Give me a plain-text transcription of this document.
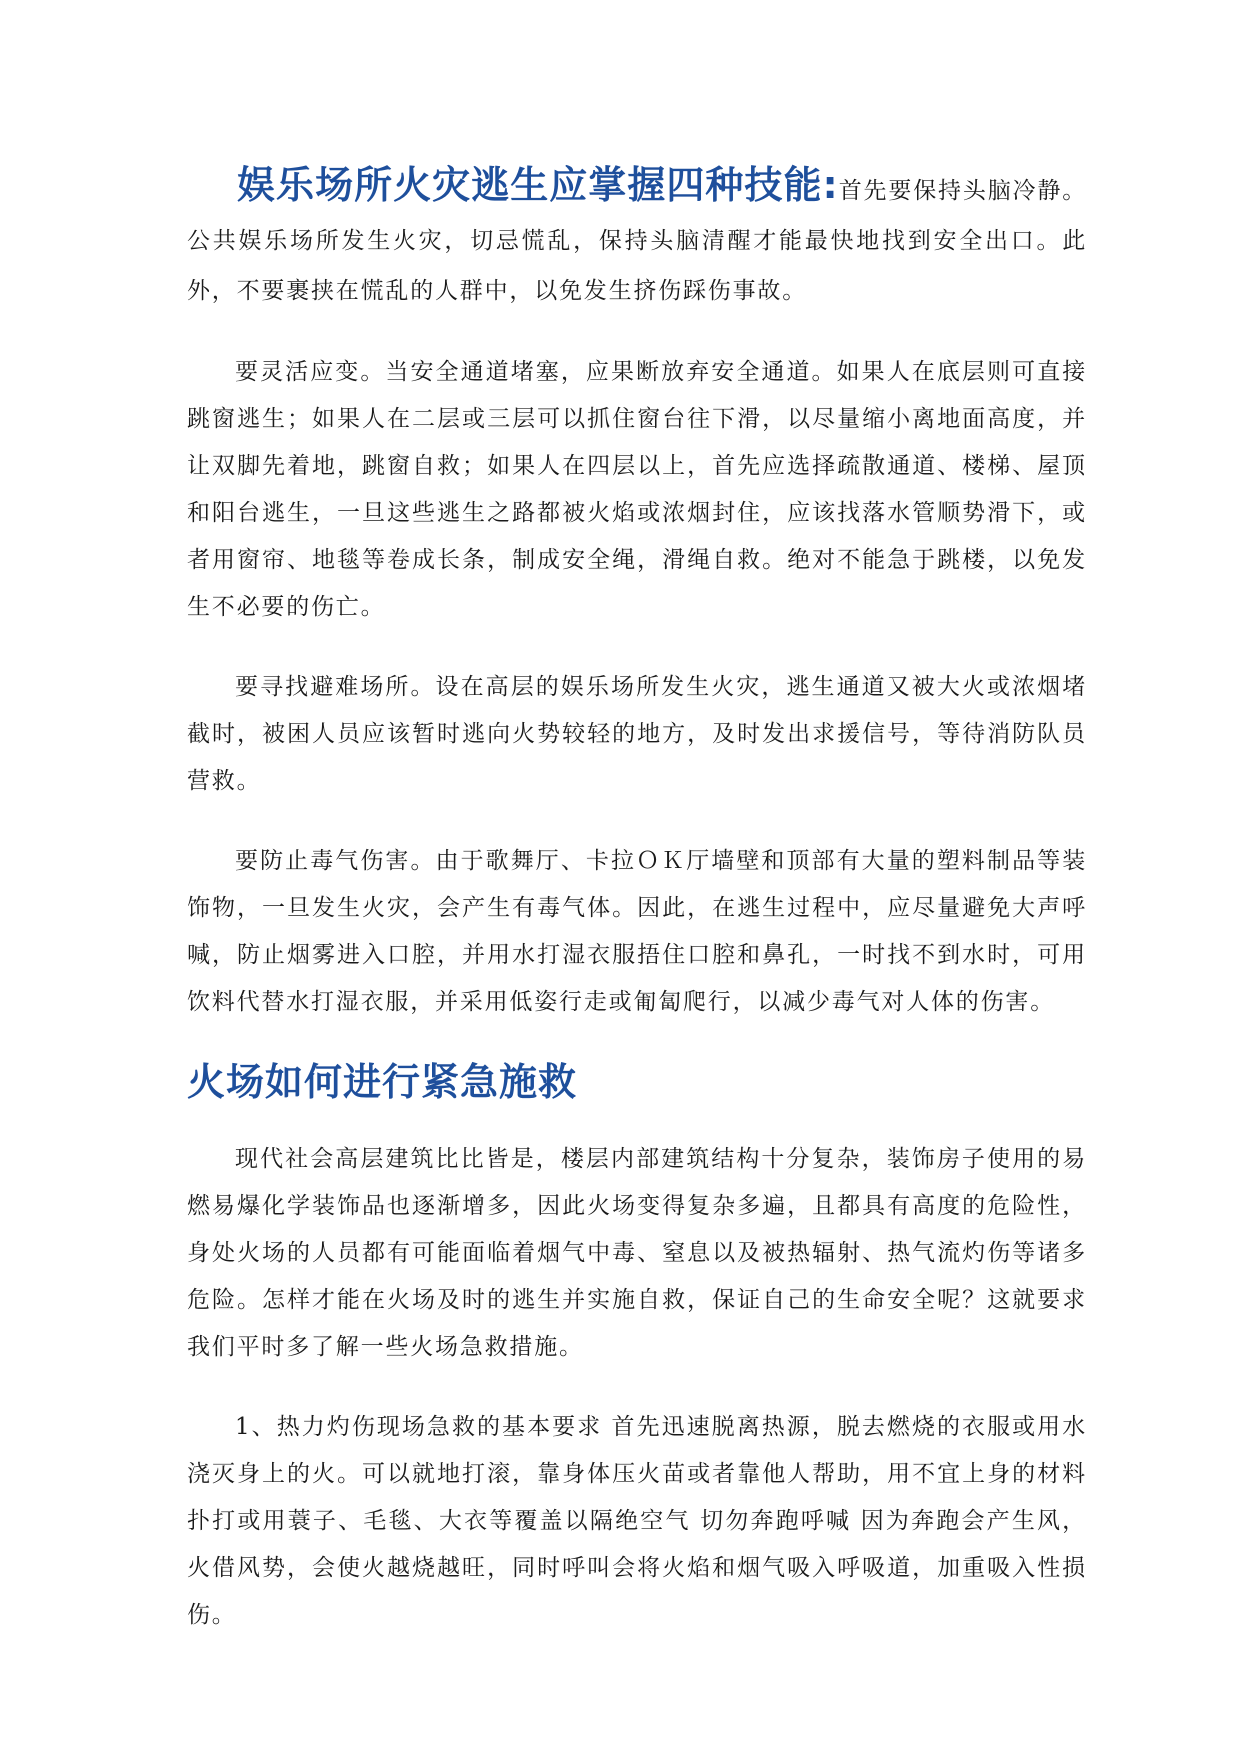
娱乐场所火灾逃生应掌握四种技能:首先要保持头脑冷静。公共娱乐场所发生火灾，切忌慌乱，保持头脑清醒才能最快地找到安全出口。此外，不要裹挟在慌乱的人群中，以免发生挤伤踩伤事故。

要灵活应变。当安全通道堵塞，应果断放弃安全通道。如果人在底层则可直接跳窗逃生；如果人在二层或三层可以抓住窗台往下滑，以尽量缩小离地面高度，并让双脚先着地，跳窗自救；如果人在四层以上，首先应选择疏散通道、楼梯、屋顶和阳台逃生，一旦这些逃生之路都被火焰或浓烟封住，应该找落水管顺势滑下，或者用窗帘、地毯等卷成长条，制成安全绳，滑绳自救。绝对不能急于跳楼，以免发生不必要的伤亡。

要寻找避难场所。设在高层的娱乐场所发生火灾，逃生通道又被大火或浓烟堵截时，被困人员应该暂时逃向火势较轻的地方，及时发出求援信号，等待消防队员营救。

要防止毒气伤害。由于歌舞厅、卡拉ＯＫ厅墙壁和顶部有大量的塑料制品等装饰物，一旦发生火灾，会产生有毒气体。因此，在逃生过程中，应尽量避免大声呼喊，防止烟雾进入口腔，并用水打湿衣服捂住口腔和鼻孔，一时找不到水时，可用饮料代替水打湿衣服，并采用低姿行走或匍匐爬行，以减少毒气对人体的伤害。

火场如何进行紧急施救

现代社会高层建筑比比皆是，楼层内部建筑结构十分复杂，装饰房子使用的易燃易爆化学装饰品也逐渐增多，因此火场变得复杂多遍，且都具有高度的危险性，身处火场的人员都有可能面临着烟气中毒、窒息以及被热辐射、热气流灼伤等诸多危险。怎样才能在火场及时的逃生并实施自救，保证自己的生命安全呢？这就要求我们平时多了解一些火场急救措施。

1、热力灼伤现场急救的基本要求 首先迅速脱离热源，脱去燃烧的衣服或用水浇灭身上的火。可以就地打滚，靠身体压火苗或者靠他人帮助，用不宜上身的材料扑打或用蓑子、毛毯、大衣等覆盖以隔绝空气 切勿奔跑呼喊 因为奔跑会产生风，火借风势，会使火越烧越旺，同时呼叫会将火焰和烟气吸入呼吸道，加重吸入性损伤。
